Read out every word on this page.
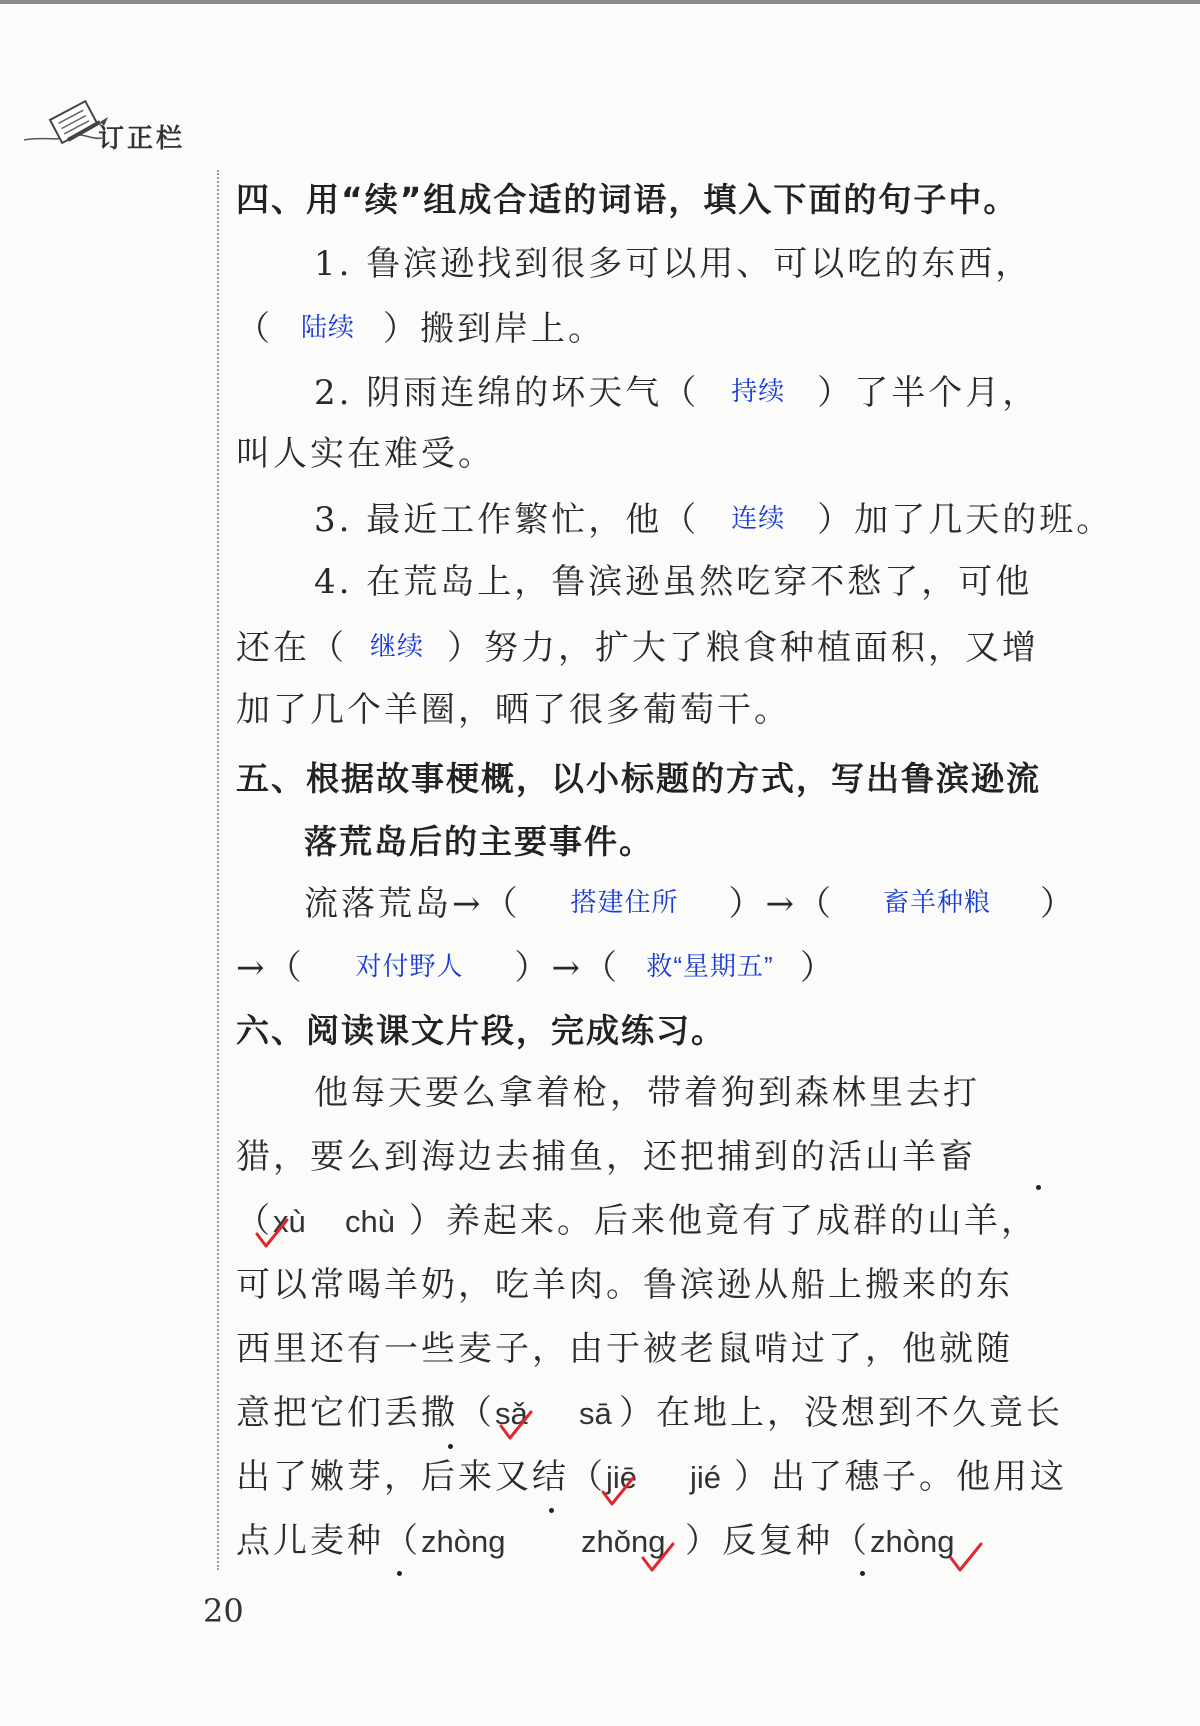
订正栏
四、用“续”组成合适的词语，填入下面的句子中。
1. 鲁滨逊找到很多可以用、可以吃的东西，
（ 陆续 ）搬到岸上。
2. 阴雨连绵的坏天气（ 持续 ）了半个月，
叫人实在难受。
3. 最近工作繁忙，他（ 连续 ）加了几天的班。
4. 在荒岛上，鲁滨逊虽然吃穿不愁了，可他
还在（ 继续 ）努力，扩大了粮食种植面积，又增
加了几个羊圈，晒了很多葡萄干。
五、根据故事梗概，以小标题的方式，写出鲁滨逊流
落荒岛后的主要事件。
流落荒岛→（ 搭建住所 ）→（ 畜羊种粮 ）
→（ 对付野人 ）→（ 救“星期五” ）
六、阅读课文片段，完成练习。
他每天要么拿着枪，带着狗到森林里去打
猎，要么到海边去捕鱼，还把捕到的活山羊畜
（xù chù ）养起来。后来他竟有了成群的山羊，
可以常喝羊奶，吃羊肉。鲁滨逊从船上搬来的东
西里还有一些麦子，由于被老鼠啃过了，他就随
意把它们丢撒（sǎ sā ）在地上，没想到不久竟长
出了嫩芽，后来又结（jiē jié ）出了穗子。他用这
点儿麦种（zhòng zhǒng ）反复种（zhòng
20
